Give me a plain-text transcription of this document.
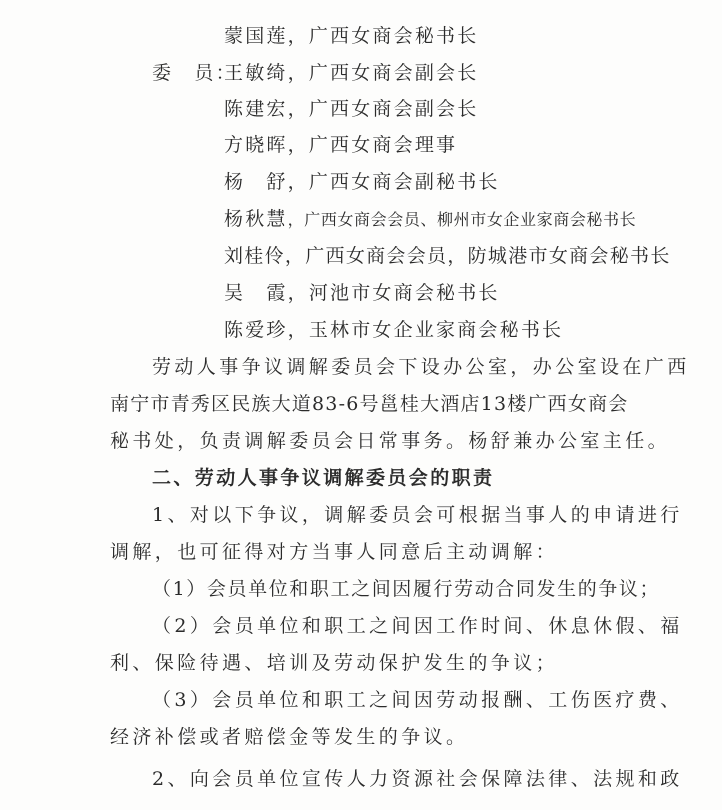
蒙国莲，广西女商会秘书长
委　员：
王敏绮，广西女商会副会长
陈建宏，广西女商会副会长
方晓晖，广西女商会理事
杨　舒，广西女商会副秘书长
杨秋慧，广西女商会会员、柳州市女企业家商会秘书长
刘桂伶，广西女商会会员，防城港市女商会秘书长
吴　霞，河池市女商会秘书长
陈爱珍，玉林市女企业家商会秘书长
劳动人事争议调解委员会下设办公室，办公室设在广西
南宁市青秀区民族大道83-6号邕桂大酒店13楼广西女商会
秘书处，负责调解委员会日常事务。杨舒兼办公室主任。
二、劳动人事争议调解委员会的职责
1、对以下争议，调解委员会可根据当事人的申请进行
调解，也可征得对方当事人同意后主动调解：
（1）会员单位和职工之间因履行劳动合同发生的争议；
（2）会员单位和职工之间因工作时间、休息休假、福
利、保险待遇、培训及劳动保护发生的争议；
（3）会员单位和职工之间因劳动报酬、工伤医疗费、
经济补偿或者赔偿金等发生的争议。
2、向会员单位宣传人力资源社会保障法律、法规和政
